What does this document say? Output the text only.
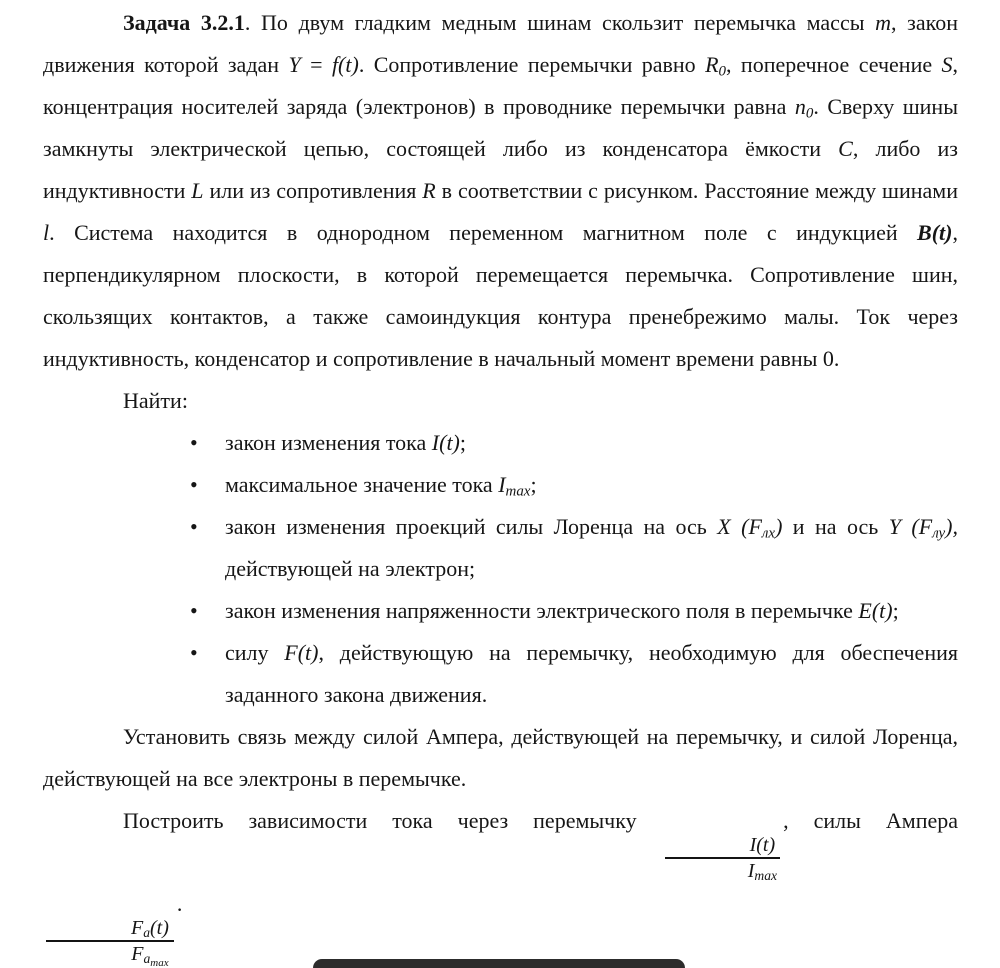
Задача 3.2.1. По двум гладким медным шинам скользит перемычка массы m, закон движения которой задан Y = f(t). Сопротивление перемычки равно R0, поперечное сечение S, концентрация носителей заряда (электронов) в проводнике перемычки равна n0. Сверху шины замкнуты электрической цепью, состоящей либо из конденсатора ёмкости C, либо из индуктивности L или из сопротивления R в соответствии с рисунком. Расстояние между шинами l. Система находится в однородном переменном магнитном поле с индукцией B(t), перпендикулярном плоскости, в которой перемещается перемычка. Сопротивление шин, скользящих контактов, а также самоиндукция контура пренебрежимо малы. Ток через индуктивность, конденсатор и сопротивление в начальный момент времени равны 0.

Найти:

•	закон изменения тока I(t);
•	максимальное значение тока Imax;
•	закон изменения проекций силы Лоренца на ось X (Fлх) и на ось Y (Fлу), действующей на электрон;
•	закон изменения напряженности электрического поля в перемычке E(t);
•	силу F(t), действующую на перемычку, необходимую для обеспечения заданного закона движения.

Установить связь между силой Ампера, действующей на перемычку, и силой Лоренца, действующей на все электроны в перемычке.

Построить зависимости тока через перемычку
$\frac{I(t)}{Imax}$
, силы Ампера
$\frac{Fa(t)}{Fa_{max}}$
.
